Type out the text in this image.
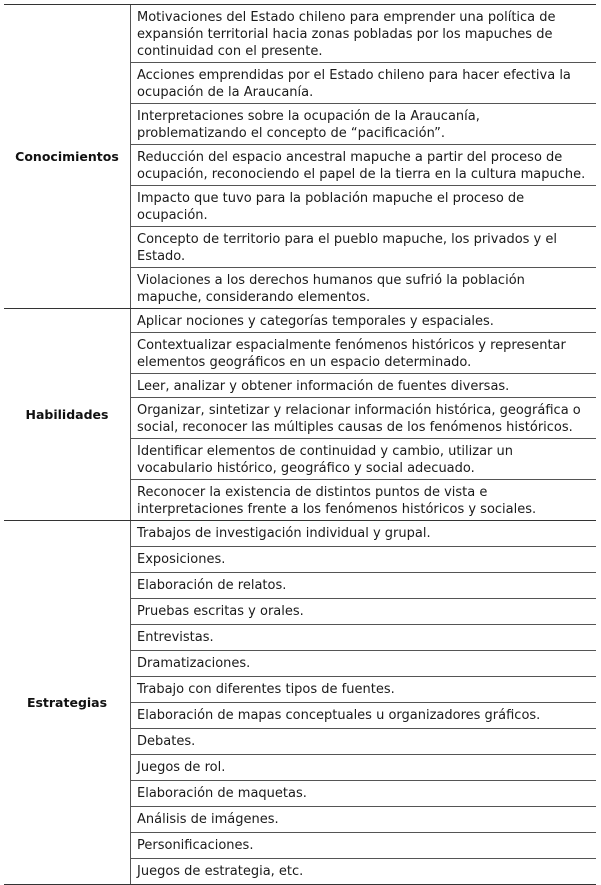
Conocimientos
Motivaciones del Estado chileno para emprender una política de expansión territorial hacia zonas pobladas por los mapuches de continuidad con el presente.
Acciones emprendidas por el Estado chileno para hacer efectiva la ocupación de la Araucanía.
Interpretaciones sobre la ocupación de la Araucanía, problematizando el concepto de “pacificación”.
Reducción del espacio ancestral mapuche a partir del proceso de ocupación, reconociendo el papel de la tierra en la cultura mapuche.
Impacto que tuvo para la población mapuche el proceso de ocupación.
Concepto de territorio para el pueblo mapuche, los privados y el Estado.
Violaciones a los derechos humanos que sufrió la población mapuche, considerando elementos.
Habilidades
Aplicar nociones y categorías temporales y espaciales.
Contextualizar espacialmente fenómenos históricos y representar elementos geográficos en un espacio determinado.
Leer, analizar y obtener información de fuentes diversas.
Organizar, sintetizar y relacionar información histórica, geográfica o social, reconocer las múltiples causas de los fenómenos históricos.
Identificar elementos de continuidad y cambio, utilizar un vocabulario histórico, geográfico y social adecuado.
Reconocer la existencia de distintos puntos de vista e interpretaciones frente a los fenómenos históricos y sociales.
Estrategias
Trabajos de investigación individual y grupal.
Exposiciones.
Elaboración de relatos.
Pruebas escritas y orales.
Entrevistas.
Dramatizaciones.
Trabajo con diferentes tipos de fuentes.
Elaboración de mapas conceptuales u organizadores gráficos.
Debates.
Juegos de rol.
Elaboración de maquetas.
Análisis de imágenes.
Personificaciones.
Juegos de estrategia, etc.
